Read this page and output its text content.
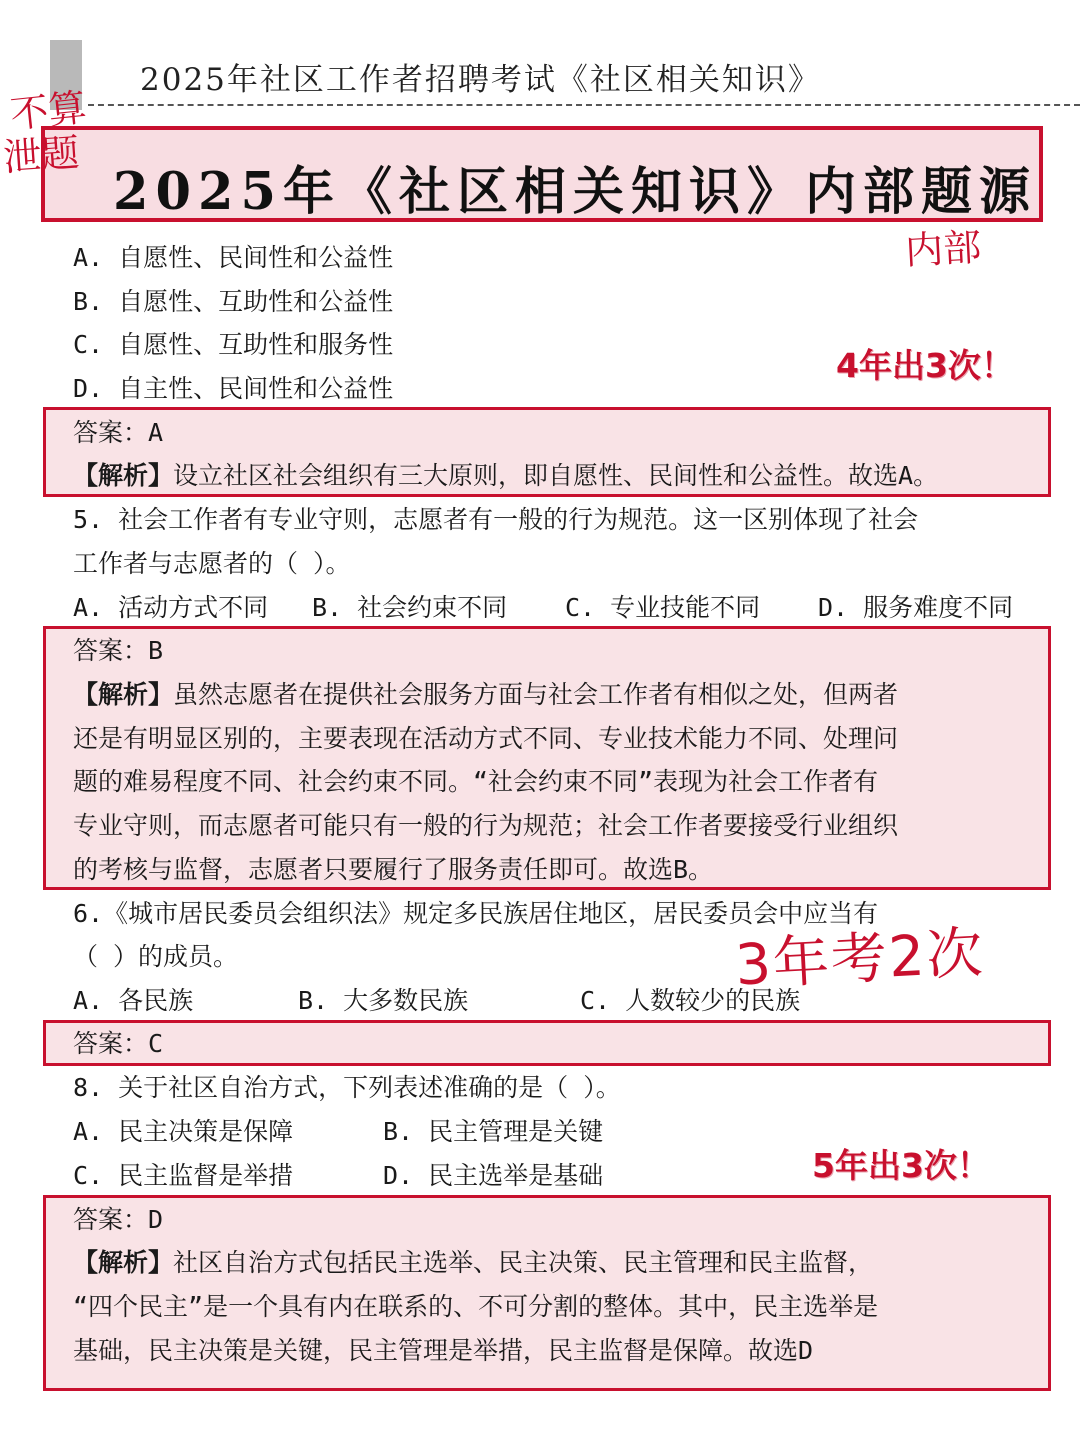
2025年社区工作者招聘考试《社区相关知识》
2025年《社区相关知识》内部题源
不算
泄题
内部
4年出3次！
3年考2次
5年出3次！
A. 自愿性、民间性和公益性
B. 自愿性、互助性和公益性
C. 自愿性、互助性和服务性
D. 自主性、民间性和公益性
答案：A
【解析】设立社区社会组织有三大原则，即自愿性、民间性和公益性。故选A。
5. 社会工作者有专业守则，志愿者有一般的行为规范。这一区别体现了社会
工作者与志愿者的（ ）。
A. 活动方式不同 B. 社会约束不同 C. 专业技能不同 D. 服务难度不同
答案：B
【解析】虽然志愿者在提供社会服务方面与社会工作者有相似之处，但两者
还是有明显区别的，主要表现在活动方式不同、专业技术能力不同、处理问
题的难易程度不同、社会约束不同。“社会约束不同”表现为社会工作者有
专业守则，而志愿者可能只有一般的行为规范；社会工作者要接受行业组织
的考核与监督，志愿者只要履行了服务责任即可。故选B。
6.《城市居民委员会组织法》规定多民族居住地区，居民委员会中应当有
（ ）的成员。
A. 各民族	B. 大多数民族	C. 人数较少的民族
答案：C
8. 关于社区自治方式，下列表述准确的是（ ）。
A. 民主决策是保障	B. 民主管理是关键
C. 民主监督是举措	D. 民主选举是基础
答案：D
【解析】社区自治方式包括民主选举、民主决策、民主管理和民主监督，
“四个民主”是一个具有内在联系的、不可分割的整体。其中，民主选举是
基础，民主决策是关键，民主管理是举措，民主监督是保障。故选D
